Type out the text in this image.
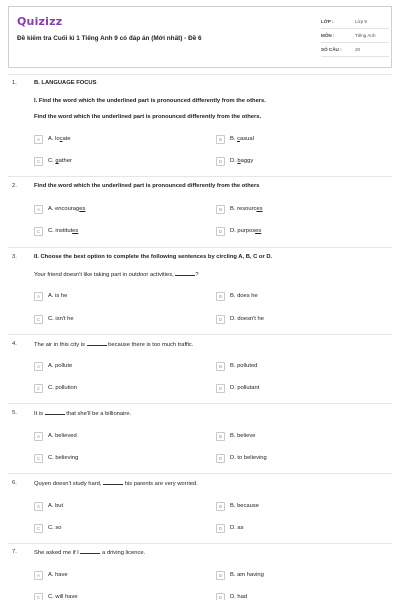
Quizizz
Đề kiểm tra Cuối kì 1 Tiếng Anh 9 có đáp án (Mới nhất) - Đề 6
LỚP :	Lớp 9
MÔN :	Tiếng Anh
SỐ CÂU :	20
1.	B. LANGUAGE FOCUS
I. Find the word which the underlined part is pronounced differently from the others.
Find the word which the underlined part is pronounced differently from the others.
A	A. locate	B	B. casual
C	C. gather	D	D. baggy
2.	Find the word which the underlined part is pronounced differently from the others
A	A. encourages	B	B. resources
C	C. institutes	D	D. purposes
3.	II. Choose the best option to complete the following sentences by circling A, B, C or D.
Your friend doesn't like taking part in outdoor activities,	?
A	A. is he	B	B. does he
C	C. isn't he	D	D. doesn't he
4.	The air in this city is	because there is too much traffic.
A	A. pollute	B	B. polluted
C	C. pollution	D	D. pollutant
5.	It is	that she'll be a billionaire.
A	A. believed	B	B. believe
C	C. believing	D	D. to believing
6.	Quyen doesn't study hard,	his parents are very worried.
A	A. but	B	B. because
C	C. so	D	D. as
7.	She asked me if I	a driving licence.
A	A. have	B	B. am having
C	C. will have	D	D. had
